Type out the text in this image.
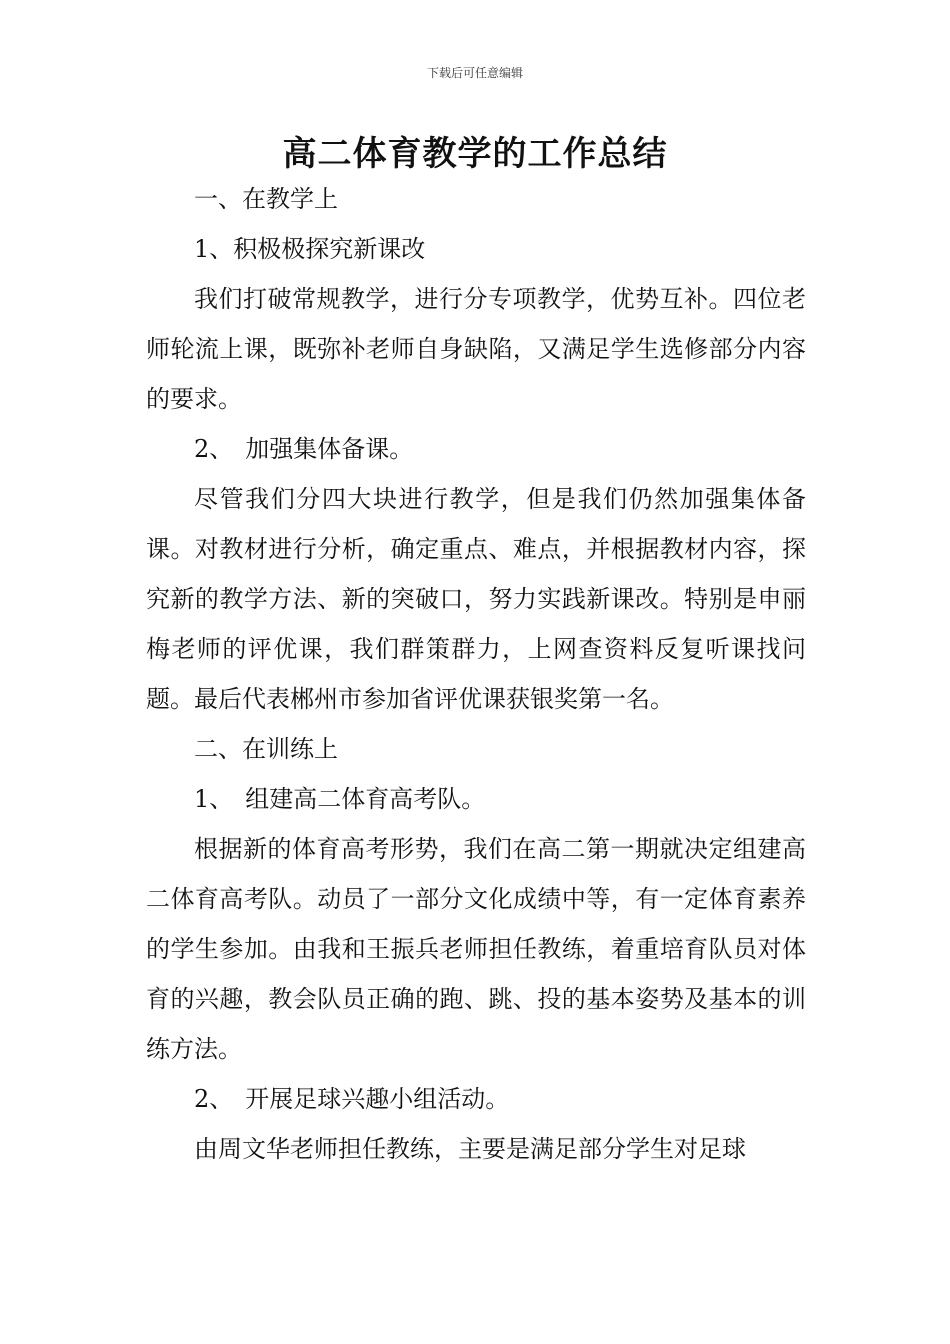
下载后可任意编辑
高二体育教学的工作总结

一、在教学上

1、积极极探究新课改

我们打破常规教学，进行分专项教学，优势互补。四位老师轮流上课，既弥补老师自身缺陷，又满足学生选修部分内容的要求。

2、　加强集体备课。

尽管我们分四大块进行教学，但是我们仍然加强集体备课。对教材进行分析，确定重点、难点，并根据教材内容，探究新的教学方法、新的突破口，努力实践新课改。特别是申丽梅老师的评优课，我们群策群力，上网查资料反复听课找问题。最后代表郴州市参加省评优课获银奖第一名。

二、在训练上

1、　组建高二体育高考队。

根据新的体育高考形势，我们在高二第一期就决定组建高二体育高考队。动员了一部分文化成绩中等，有一定体育素养的学生参加。由我和王振兵老师担任教练，着重培育队员对体育的兴趣，教会队员正确的跑、跳、投的基本姿势及基本的训练方法。

2、　开展足球兴趣小组活动。

由周文华老师担任教练，主要是满足部分学生对足球
